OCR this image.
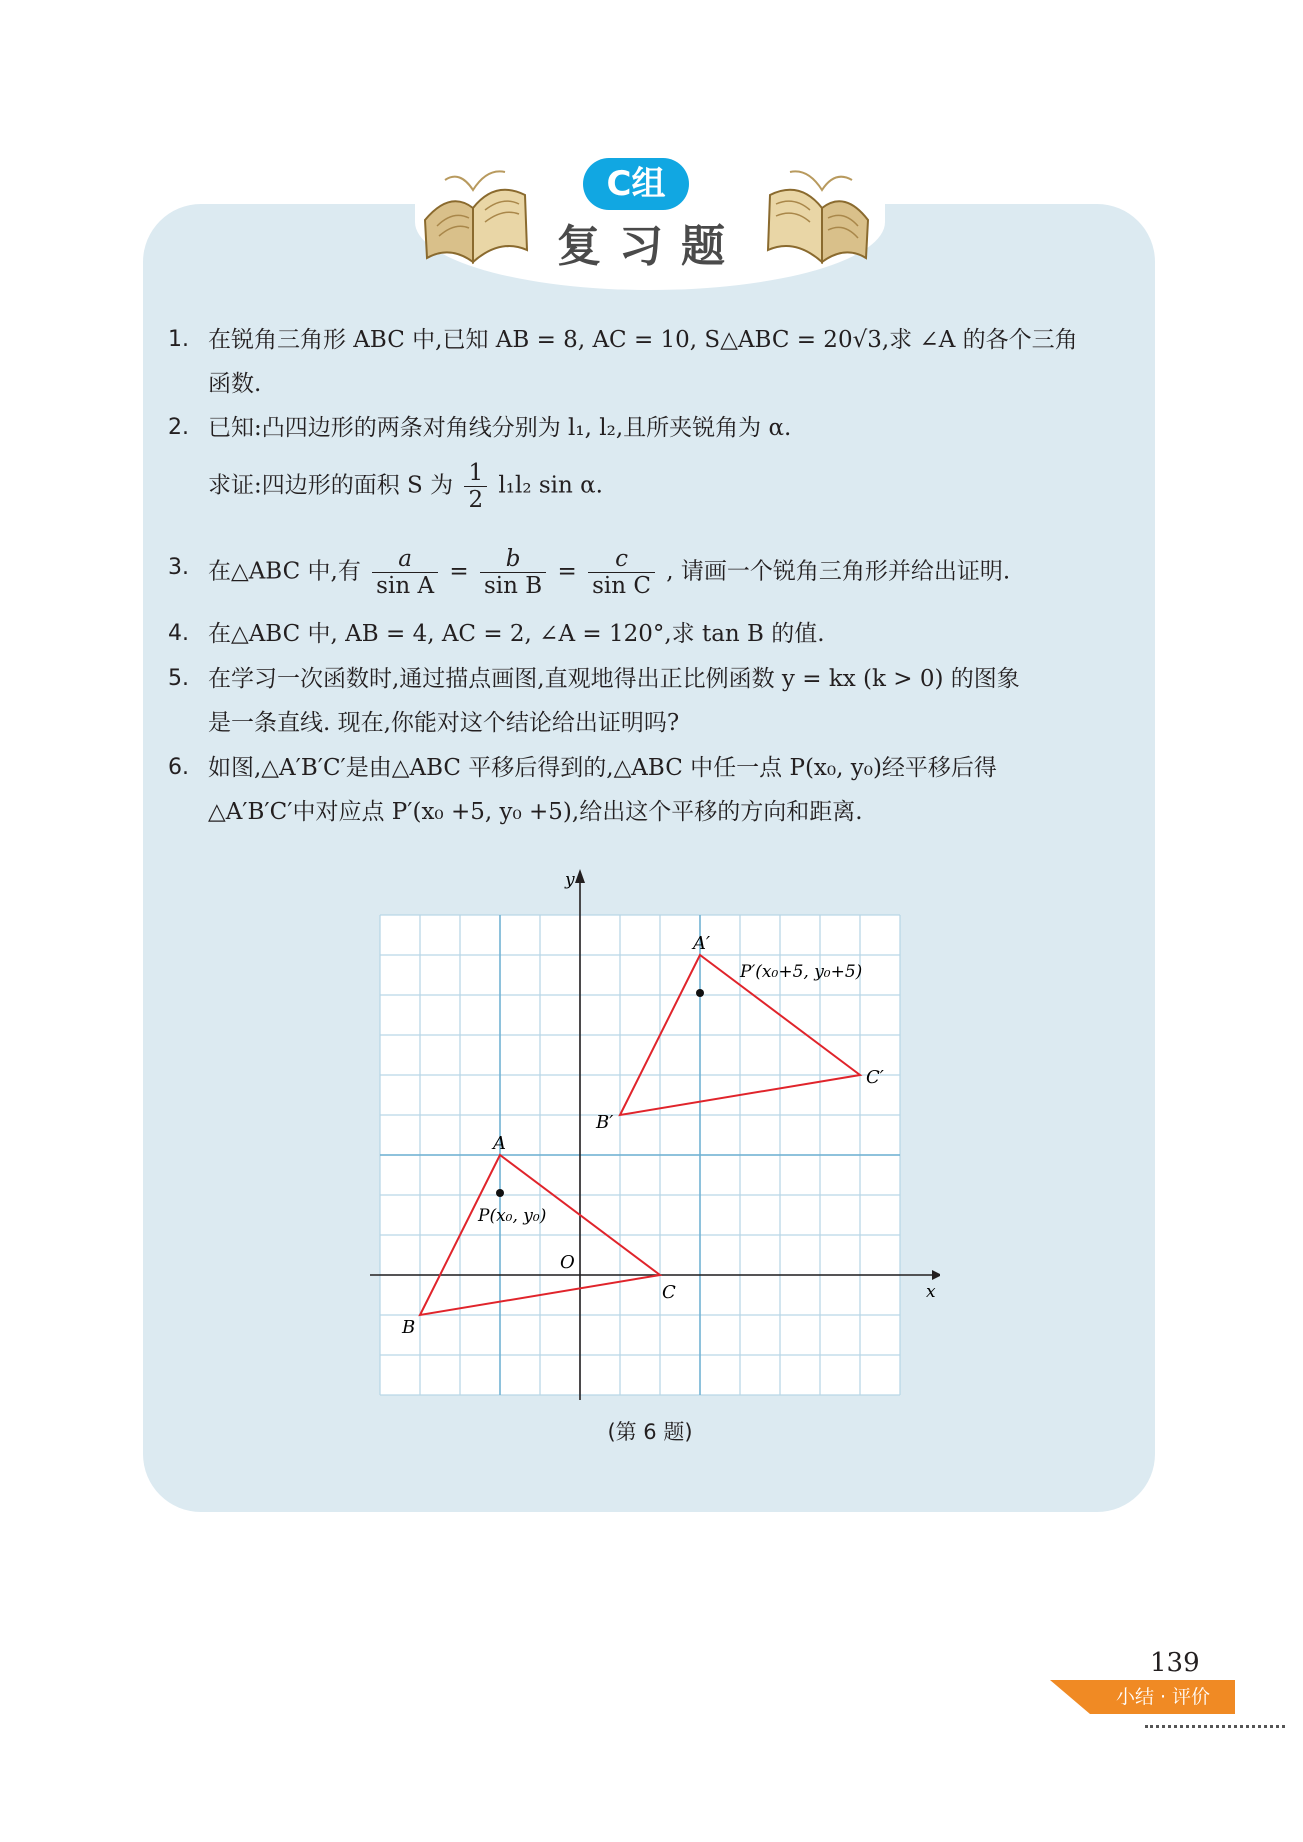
C组
复习题
1. 在锐角三角形 ABC 中,已知 AB = 8, AC = 10, S△ABC = 20√3,求 ∠A 的各个三角
函数.
2. 已知:凸四边形的两条对角线分别为 l₁, l₂,且所夹锐角为 α.
求证:四边形的面积 S 为 $\frac{1}{2} l_1l_2$ sin α.
3. 在△ABC 中,有 $\frac{a}{\text{sin A}} = \frac{b}{\text{sin B}} = \frac{c}{\text{sin C}}$ , 请画一个锐角三角形并给出证明.
4. 在△ABC 中, AB = 4, AC = 2, ∠A = 120°,求 tan B 的值.
5. 在学习一次函数时,通过描点画图,直观地得出正比例函数 y = kx (k > 0) 的图象
是一条直线. 现在,你能对这个结论给出证明吗?
6. 如图,△A′B′C′是由△ABC 平移后得到的,△ABC 中任一点 P(x₀, y₀)经平移后得
△A′B′C′中对应点 P′(x₀ +5, y₀ +5),给出这个平移的方向和距离.
y
x
O
A
B
C
P(x₀, y₀)
A′
B′
C′
P′(x₀+5, y₀+5)
(第 6 题)
139
小结 · 评价
